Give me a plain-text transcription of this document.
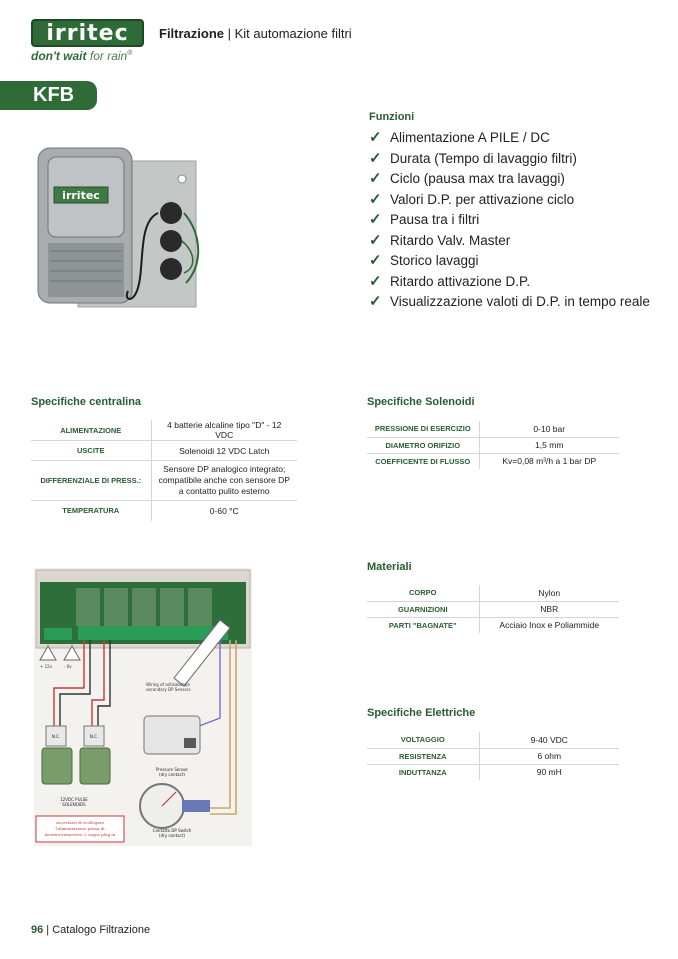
irritec
don't wait for rain®
Filtrazione | Kit automazione filtri
KFB
irritec
Funzioni
✓ Alimentazione A PILE / DC
✓ Durata (Tempo di lavaggio filtri)
✓ Ciclo (pausa max tra lavaggi)
✓ Valori D.P. per attivazione ciclo
✓ Pausa tra i filtri
✓ Ritardo Valv. Master
✓ Storico lavaggi
✓ Ritardo attivazione D.P.
✓ Visualizzazione valoti di D.P. in tempo reale
Specifiche centralina
ALIMENTAZIONE	4 batterie alcaline tipo "D" - 12 VDC
USCITE	Solenoidi 12 VDC Latch
DIFFERENZIALE DI PRESS.:	Sensore DP analogico integrato;
compatibile anche con sensore DP
a contatto pulito esterno

TEMPERATURA	0-60 °C
Specifiche Solenoidi
PRESSIONE DI ESERCIZIO	0-10 bar
DIAMETRO ORIFIZIO	1,5 mm
COEFFICENTE DI FLUSSO	Kv=0,08 m³/h a 1 bar DP
Materiali
CORPO	Nylon
GUARNIZIONI	NBR
PARTI "BAGNATE"	Acciaio Inox e Poliammide
Specifiche Elettriche
VOLTAGGIO	9-40 VDC
RESISTENZA	6 ohm
INDUTTANZA	90 mH
+ 12v	- 0v
Wiring of antisabotaje
secondary DP Sensors
N.C.	N.C.
12VDC PULSE
SOLENOIDS
Pressure Sensor
(dry contact)
Contatto DP Switch
(dry contact)
Accertarsi di scollegare
l'alimentazione prima di
inserire/rimuovere 2 cogne plug in
96 | Catalogo Filtrazione
